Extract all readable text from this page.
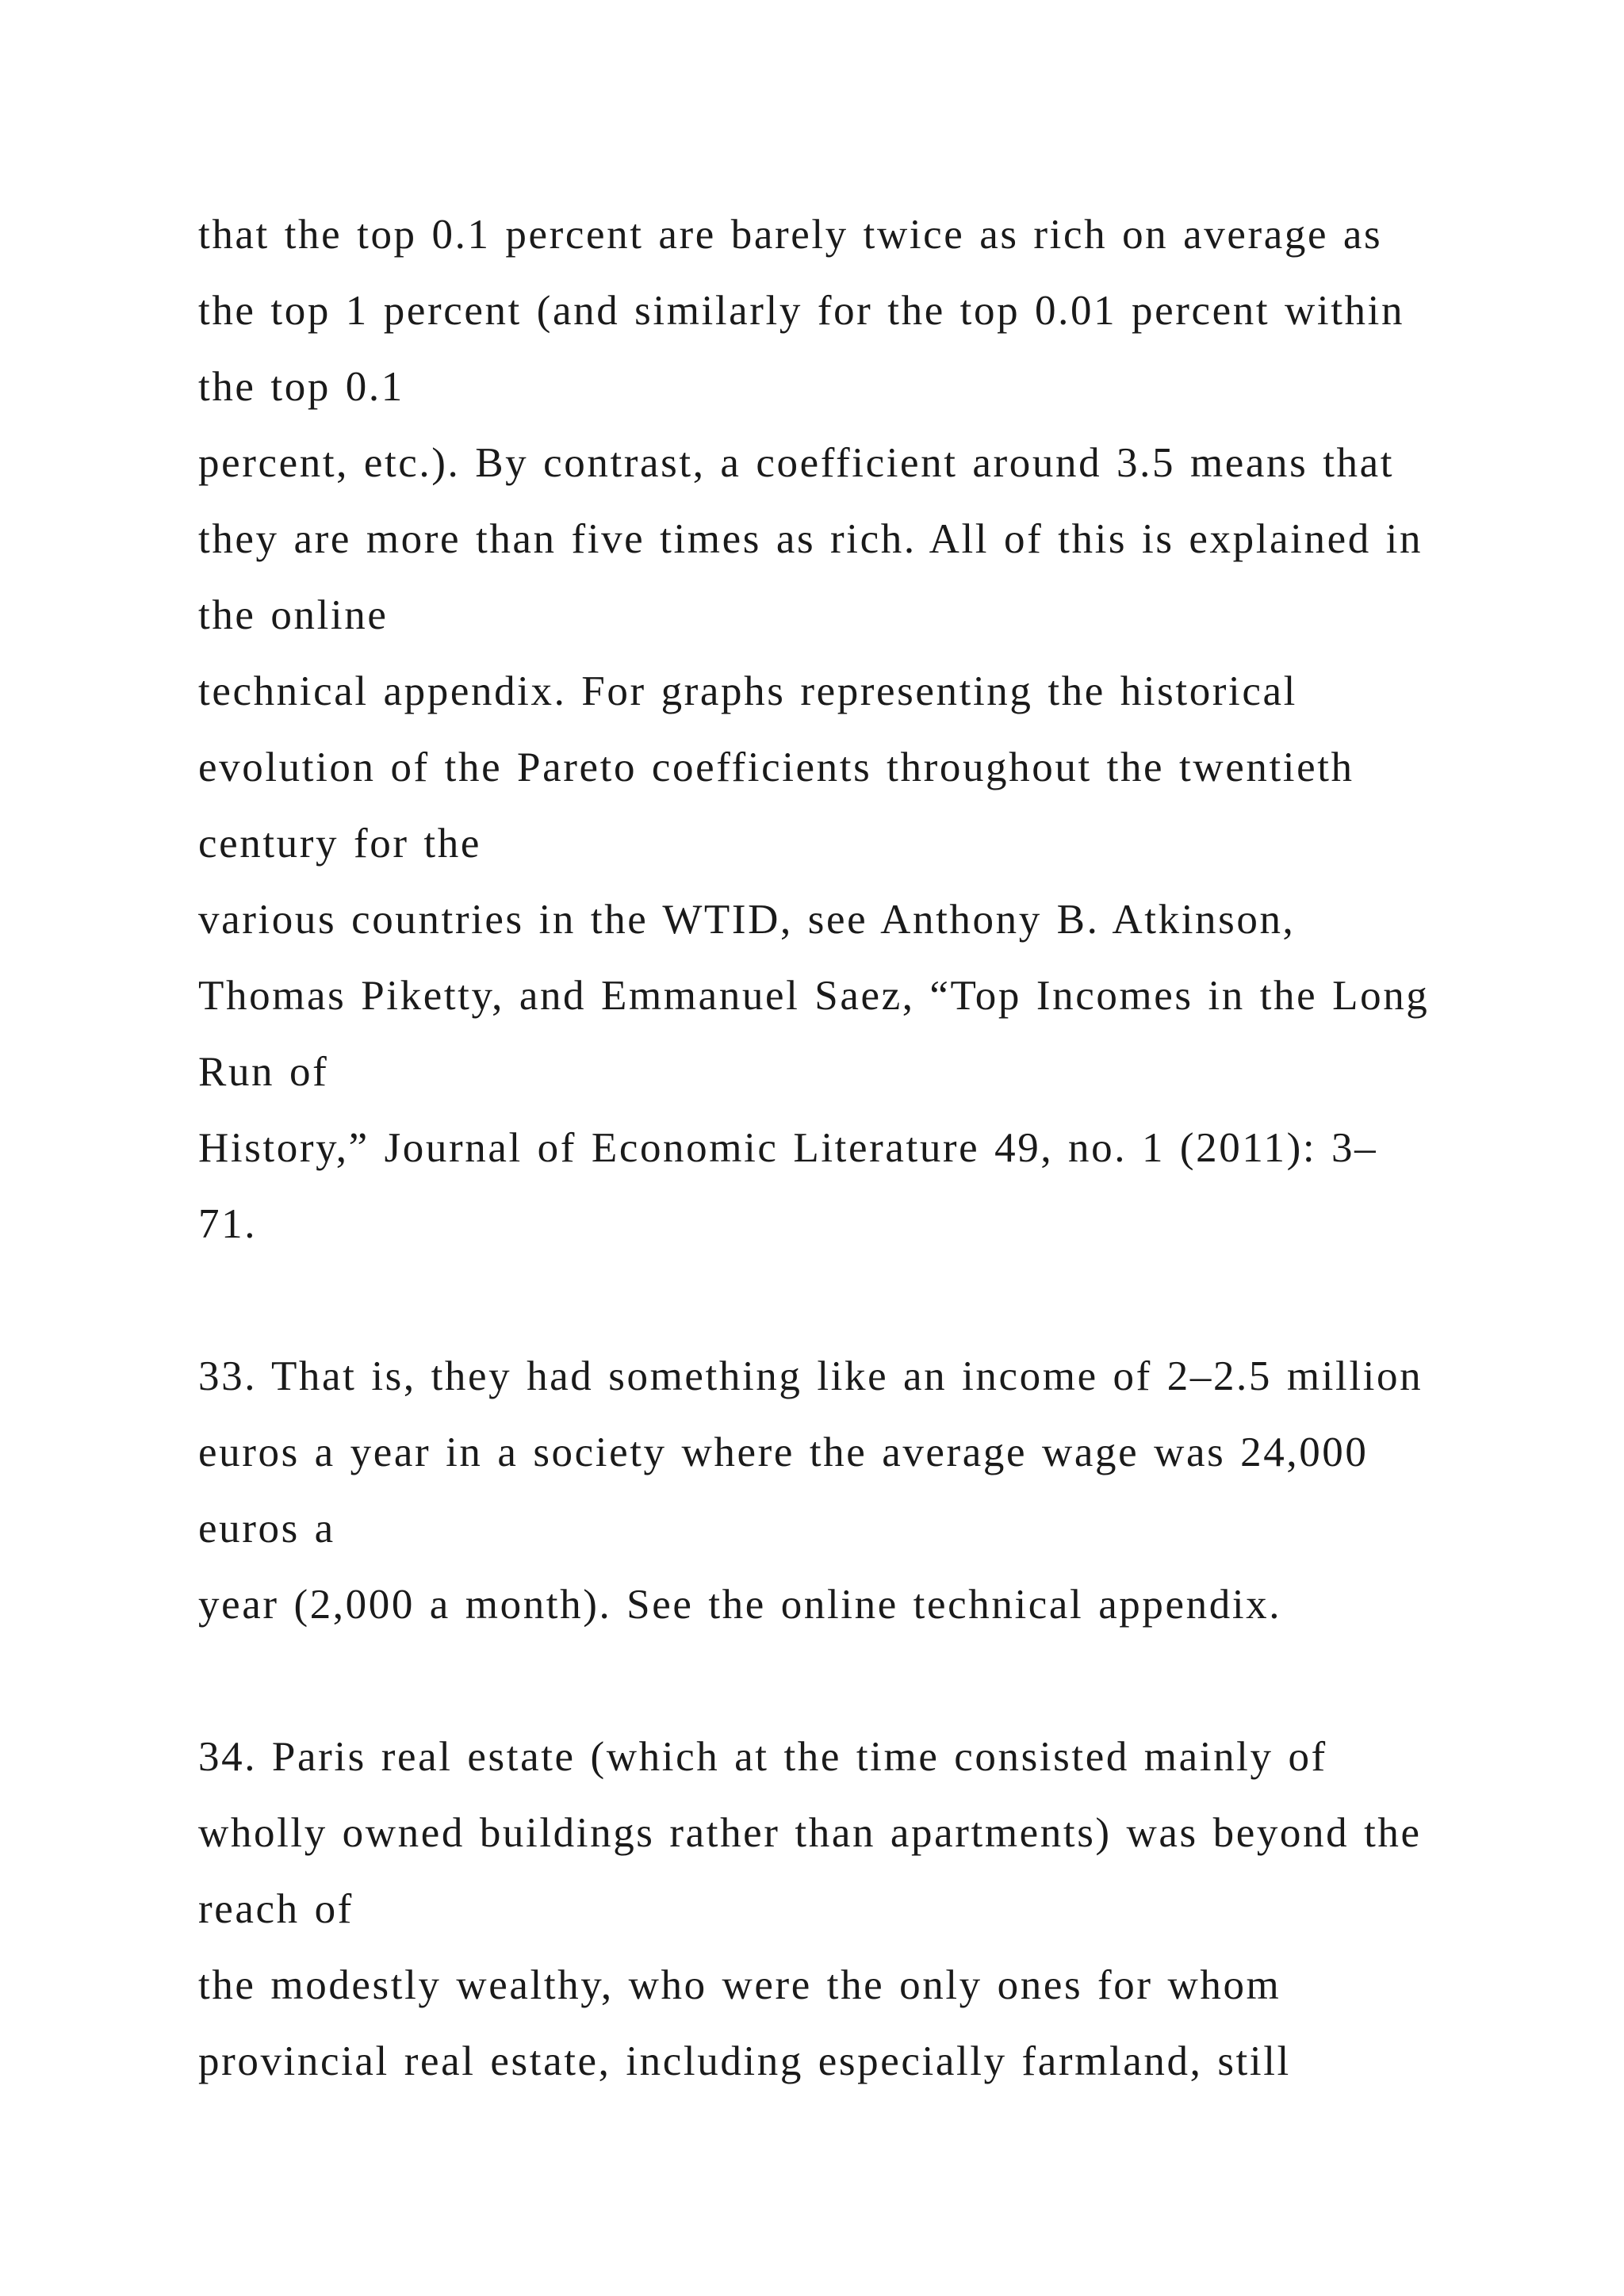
that the top 0.1 percent are barely twice as rich on average as
the top 1 percent (and similarly for the top 0.01 percent within
the top 0.1
percent, etc.). By contrast, a coefficient around 3.5 means that
they are more than five times as rich. All of this is explained in
the online
technical appendix. For graphs representing the historical
evolution of the Pareto coefficients throughout the twentieth
century for the
various countries in the WTID, see Anthony B. Atkinson,
Thomas Piketty, and Emmanuel Saez, “Top Incomes in the Long
Run of
History,” Journal of Economic Literature 49, no. 1 (2011): 3–
71.
33. That is, they had something like an income of 2–2.5 million
euros a year in a society where the average wage was 24,000
euros a
year (2,000 a month). See the online technical appendix.
34. Paris real estate (which at the time consisted mainly of
wholly owned buildings rather than apartments) was beyond the
reach of
the modestly wealthy, who were the only ones for whom
provincial real estate, including especially farmland, still
